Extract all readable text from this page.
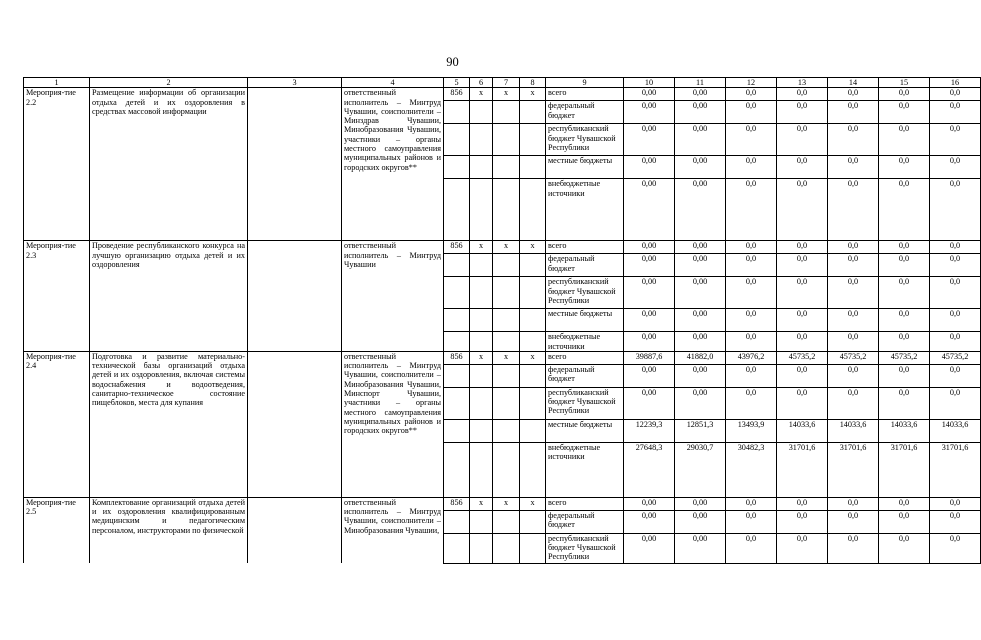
90
1	2	3	4	5	6	7	8	9	10	11	12	13	14	15	16
Мероприя-тие 2.2	Размещение информации об организации отдыха детей и их оздоровления в средствах массовой информации		ответственный исполнитель – Минтруд Чувашии, соисполнители – Минздрав Чувашии, Минобразования Чувашии, участники – органы местного самоуправления муниципальных районов и городских округов**	856	x	x	x	всего	0,00	0,00	0,0	0,0	0,0	0,0	0,0
								федеральный бюджет	0,00	0,00	0,0	0,0	0,0	0,0	0,0
								республиканский бюджет Чувашской Республики	0,00	0,00	0,0	0,0	0,0	0,0	0,0
								местные бюджеты	0,00	0,00	0,0	0,0	0,0	0,0	0,0
								внебюджетные источники	0,00	0,00	0,0	0,0	0,0	0,0	0,0
Мероприя-тие 2.3	Проведение республиканского конкурса на лучшую организацию отдыха детей и их оздоровления		ответственный исполнитель – Минтруд Чувашии	856	x	x	x	всего	0,00	0,00	0,0	0,0	0,0	0,0	0,0
								федеральный бюджет	0,00	0,00	0,0	0,0	0,0	0,0	0,0
								республиканский бюджет Чувашской Республики	0,00	0,00	0,0	0,0	0,0	0,0	0,0
								местные бюджеты	0,00	0,00	0,0	0,0	0,0	0,0	0,0
								внебюджетные источники	0,00	0,00	0,0	0,0	0,0	0,0	0,0
Мероприя-тие 2.4	Подготовка и развитие материально-технической базы организаций отдыха детей и их оздоровления, включая системы водоснабжения и водоотведения, санитарно-техническое состояние пищеблоков, места для купания		ответственный исполнитель – Минтруд Чувашии, соисполнители – Минобразования Чувашии, Минспорт Чувашии, участники – органы местного самоуправления муниципальных районов и городских округов**	856	x	x	x	всего	39887,6	41882,0	43976,2	45735,2	45735,2	45735,2	45735,2
								федеральный бюджет	0,00	0,00	0,0	0,0	0,0	0,0	0,0
								республиканский бюджет Чувашской Республики	0,00	0,00	0,0	0,0	0,0	0,0	0,0
								местные бюджеты	12239,3	12851,3	13493,9	14033,6	14033,6	14033,6	14033,6
								внебюджетные источники	27648,3	29030,7	30482,3	31701,6	31701,6	31701,6	31701,6
Мероприя-тие 2.5	Комплектование организаций отдыха детей и их оздоровления квалифицированным медицинским и педагогическим персоналом, инструкторами по физической		ответственный исполнитель – Минтруд Чувашии, соисполнители – Минобразования Чувашии,	856	x	x	x	всего	0,00	0,00	0,0	0,0	0,0	0,0	0,0
								федеральный бюджет	0,00	0,00	0,0	0,0	0,0	0,0	0,0
								республиканский бюджет Чувашской Республики	0,00	0,00	0,0	0,0	0,0	0,0	0,0
